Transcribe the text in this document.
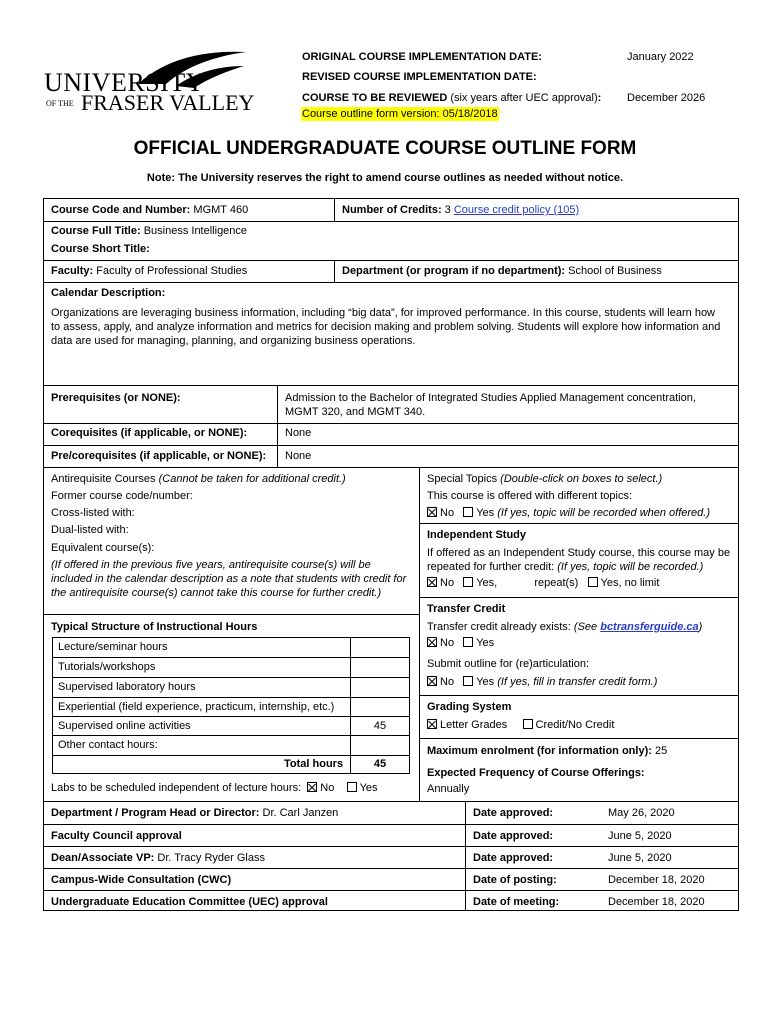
UNIVERSITY
OF THE FRASER VALLEY
ORIGINAL COURSE IMPLEMENTATION DATE:	January 2022
REVISED COURSE IMPLEMENTATION DATE:
COURSE TO BE REVIEWED (six years after UEC approval): December 2026
Course outline form version: 05/18/2018
OFFICIAL UNDERGRADUATE COURSE OUTLINE FORM
Note: The University reserves the right to amend course outlines as needed without notice.
Course Code and Number: MGMT 460	Number of Credits: 3 Course credit policy (105)
Course Full Title: Business Intelligence
Course Short Title:
Faculty: Faculty of Professional Studies	Department (or program if no department): School of Business
Calendar Description:
Organizations are leveraging business information, including “big data”, for improved performance. In this course, students will learn how to assess, apply, and analyze information and metrics for decision making and problem solving. Students will explore how information and data are used for managing, planning, and organizing business operations.
Prerequisites (or NONE):	Admission to the Bachelor of Integrated Studies Applied Management concentration, MGMT 320, and MGMT 340.
Corequisites (if applicable, or NONE):	None
Pre/corequisites (if applicable, or NONE): None
Antirequisite Courses (Cannot be taken for additional credit.)
Former course code/number:
Cross-listed with:
Dual-listed with:
Equivalent course(s):
(If offered in the previous five years, antirequisite course(s) will be included in the calendar description as a note that students with credit for the antirequisite course(s) cannot take this course for further credit.)
Special Topics (Double-click on boxes to select.)
This course is offered with different topics:
No Yes (If yes, topic will be recorded when offered.)
Independent Study
If offered as an Independent Study course, this course may be repeated for further credit: (If yes, topic will be recorded.)
No Yes,	repeat(s) Yes, no limit
Transfer Credit
Transfer credit already exists: (See bctransferguide.ca)
No Yes
Submit outline for (re)articulation:
No Yes (If yes, fill in transfer credit form.)
Grading System
Letter Grades	Credit/No Credit
Maximum enrolment (for information only): 25
Expected Frequency of Course Offerings:
Annually
Typical Structure of Instructional Hours
Lecture/seminar hours
Tutorials/workshops
Supervised laboratory hours
Experiential (field experience, practicum, internship, etc.)
Supervised online activities	45
Other contact hours:
Total hours	45
Labs to be scheduled independent of lecture hours: No Yes
Department / Program Head or Director: Dr. Carl Janzen	Date approved:	May 26, 2020
Faculty Council approval	Date approved:	June 5, 2020
Dean/Associate VP: Dr. Tracy Ryder Glass	Date approved:	June 5, 2020
Campus-Wide Consultation (CWC)	Date of posting:	December 18, 2020
Undergraduate Education Committee (UEC) approval	Date of meeting:	December 18, 2020
